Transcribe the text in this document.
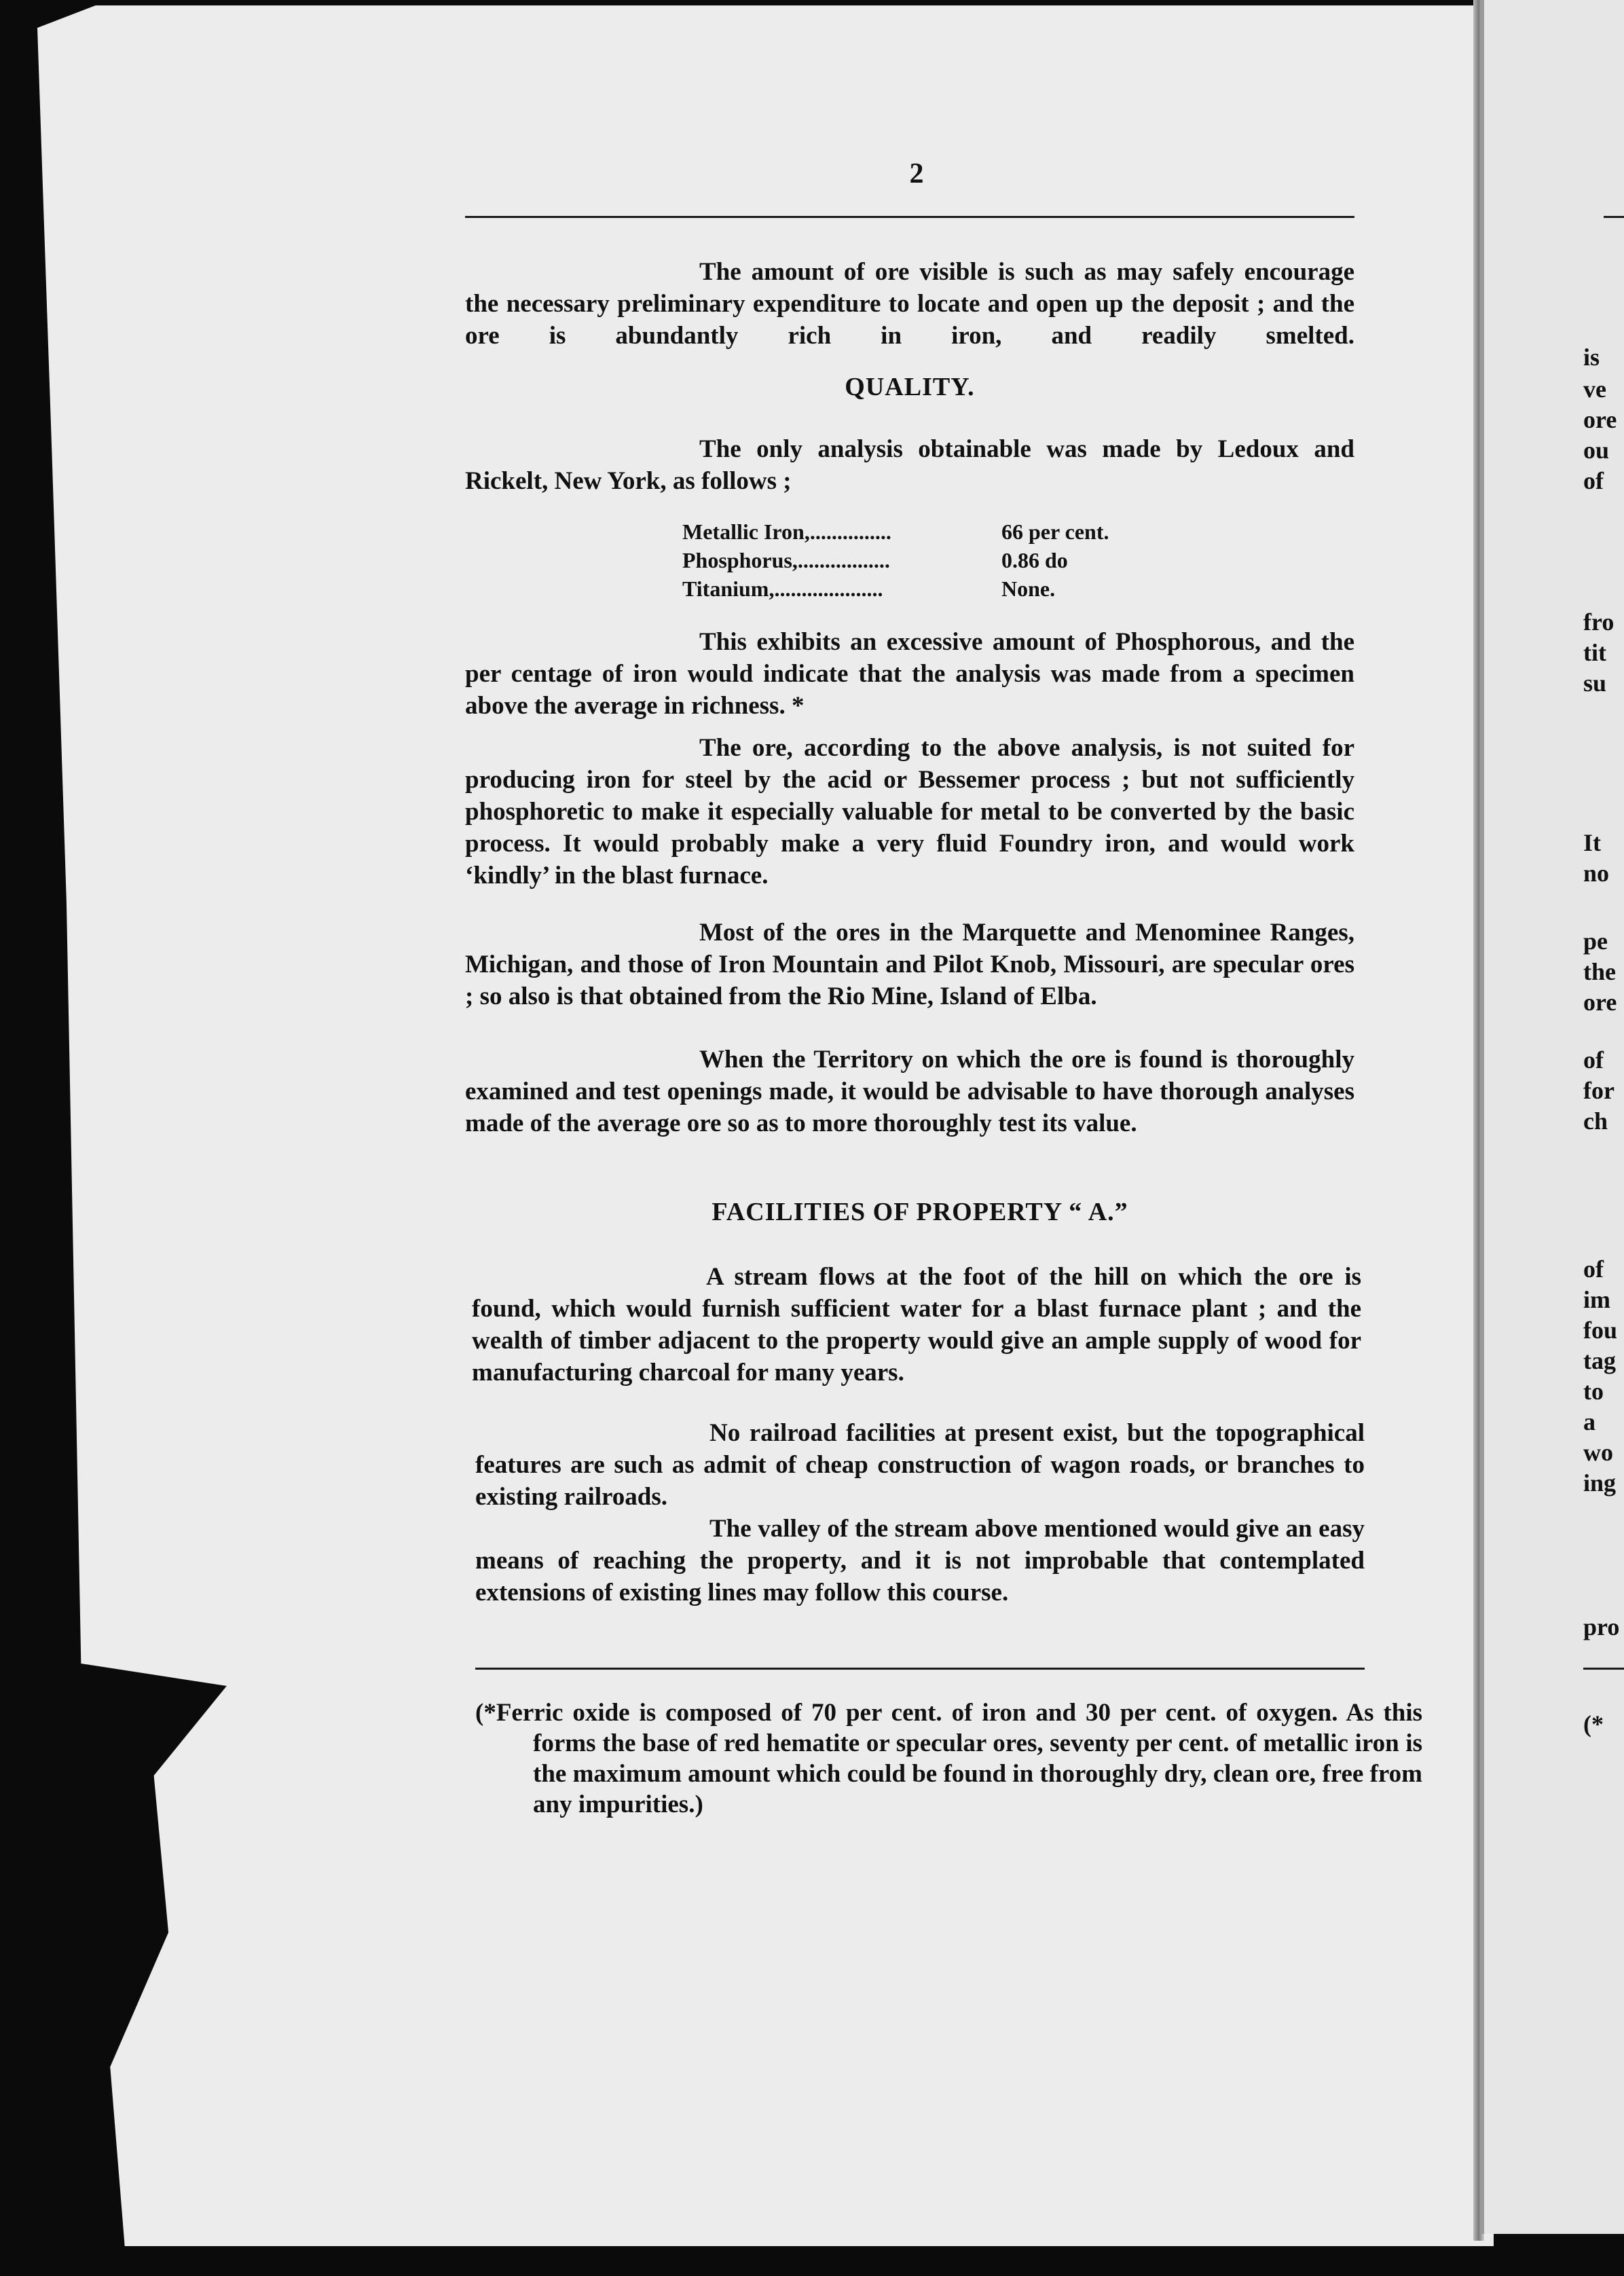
2
The amount of ore visible is such as may safely encourage the necessary preliminary expenditure to locate and open up the deposit ; and the ore is abundantly rich in iron, and readily smelted.
QUALITY.
The only analysis obtainable was made by Ledoux and Rickelt, New York, as follows ;
Metallic Iron,...............	66 per cent.
Phosphorus,.................	0.86 do
Titanium,....................	None.
This exhibits an excessive amount of Phosphorous, and the per centage of iron would indicate that the analysis was made from a specimen above the average in richness. *
The ore, according to the above analysis, is not suited for producing iron for steel by the acid or Bessemer process ; but not sufficiently phosphoretic to make it especially valuable for metal to be converted by the basic process. It would probably make a very fluid Foundry iron, and would work ‘kindly’ in the blast furnace.
Most of the ores in the Marquette and Menominee Ranges, Michigan, and those of Iron Mountain and Pilot Knob, Missouri, are specular ores ; so also is that obtained from the Rio Mine, Island of Elba.
When the Territory on which the ore is found is thoroughly examined and test openings made, it would be advisable to have thorough analyses made of the average ore so as to more thoroughly test its value.
FACILITIES OF PROPERTY “ A.”
A stream flows at the foot of the hill on which the ore is found, which would furnish sufficient water for a blast furnace plant ; and the wealth of timber adjacent to the property would give an ample supply of wood for manufacturing charcoal for many years.
No railroad facilities at present exist, but the topographical features are such as admit of cheap construction of wagon roads, or branches to existing railroads.
The valley of the stream above mentioned would give an easy means of reaching the property, and it is not improbable that contemplated extensions of existing lines may follow this course.
(*Ferric oxide is composed of 70 per cent. of iron and 30 per cent. of oxygen. As this forms the base of red hematite or specular ores, seventy per cent. of metallic iron is the maximum amount which could be found in thoroughly dry, clean ore, free from any impurities.)
is
ve
ore
ou
of
fro
tit
su
It
no
pe
the
ore
of
for
ch
of
im
fou
tag
to
a
wo
ing
pro
(*
